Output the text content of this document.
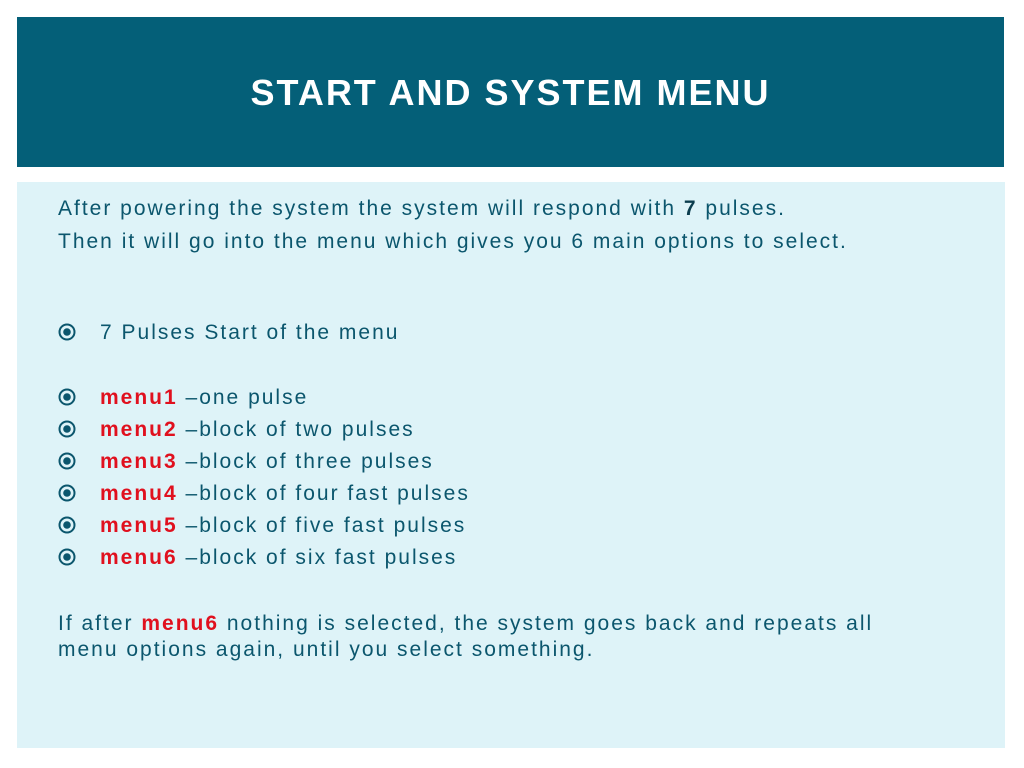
START AND SYSTEM MENU
After powering the system the system will respond with 7 pulses.
Then it will go into the menu which gives you 6 main options to select.
7 Pulses Start of the menu
menu1 –one pulse
menu2 –block of two pulses
menu3 –block of three pulses
menu4 –block of four fast pulses
menu5 –block of five fast pulses
menu6 –block of six fast pulses
If after menu6 nothing is selected, the system goes back and repeats all menu options again, until you select something.
